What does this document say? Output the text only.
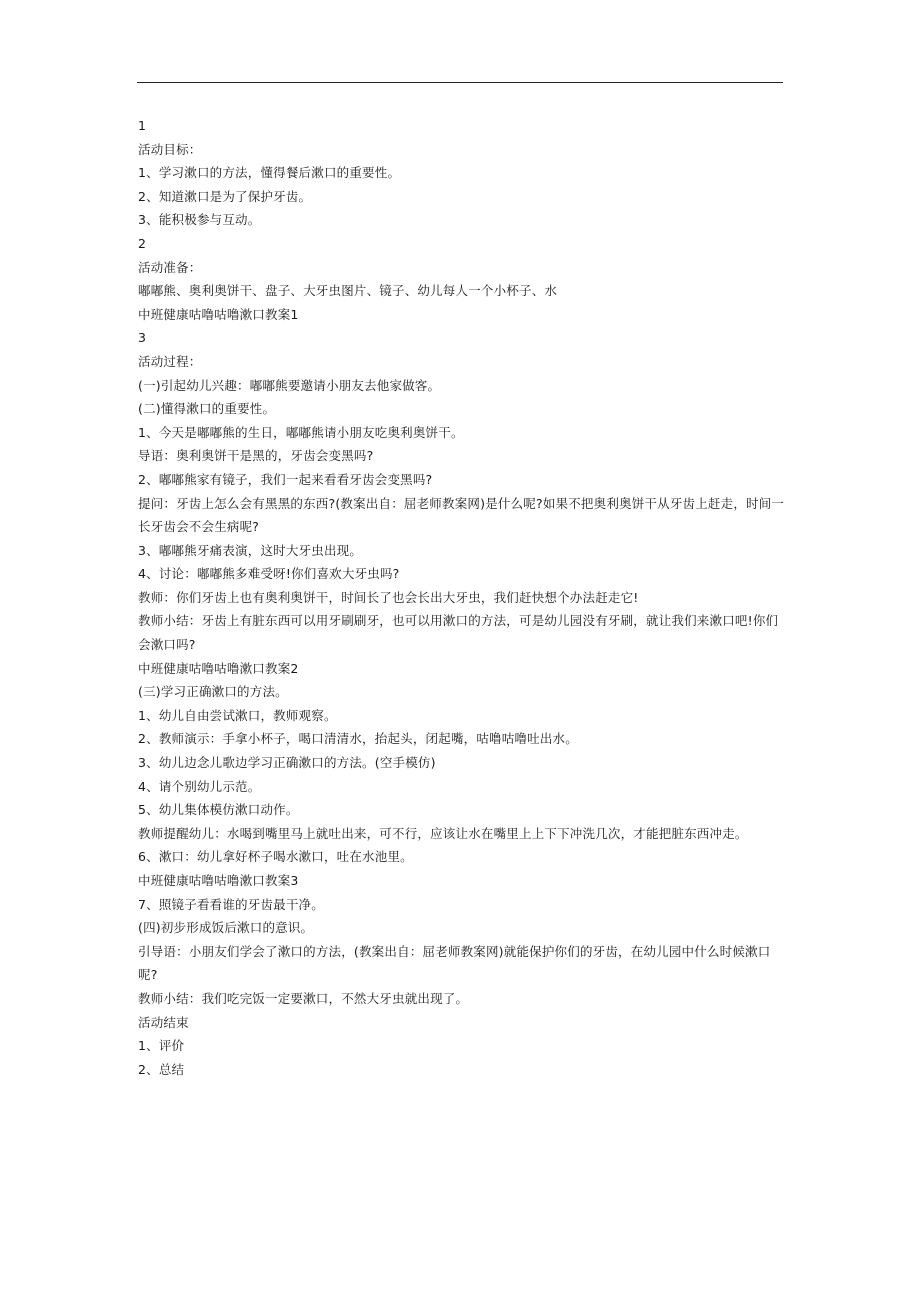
1

活动目标：

1、学习漱口的方法，懂得餐后漱口的重要性。

2、知道漱口是为了保护牙齿。

3、能积极参与互动。

2

活动准备：

嘟嘟熊、奥利奥饼干、盘子、大牙虫图片、镜子、幼儿每人一个小杯子、水

中班健康咕噜咕噜漱口教案1

3

活动过程：

(一)引起幼儿兴趣：嘟嘟熊要邀请小朋友去他家做客。

(二)懂得漱口的重要性。

1、今天是嘟嘟熊的生日，嘟嘟熊请小朋友吃奥利奥饼干。

导语：奥利奥饼干是黑的，牙齿会变黑吗?

2、嘟嘟熊家有镜子，我们一起来看看牙齿会变黑吗?

提问：牙齿上怎么会有黑黑的东西?(教案出自：屈老师教案网)是什么呢?如果不把奥利奥饼干从牙齿上赶走，时间一长牙齿会不会生病呢?

3、嘟嘟熊牙痛表演，这时大牙虫出现。

4、讨论：嘟嘟熊多难受呀!你们喜欢大牙虫吗?

教师：你们牙齿上也有奥利奥饼干，时间长了也会长出大牙虫，我们赶快想个办法赶走它!

教师小结：牙齿上有脏东西可以用牙刷刷牙，也可以用漱口的方法，可是幼儿园没有牙刷，就让我们来漱口吧!你们会漱口吗?

中班健康咕噜咕噜漱口教案2

(三)学习正确漱口的方法。

1、幼儿自由尝试漱口，教师观察。

2、教师演示：手拿小杯子，喝口清清水，抬起头，闭起嘴，咕噜咕噜吐出水。

3、幼儿边念儿歌边学习正确漱口的方法。(空手模仿)

4、请个别幼儿示范。

5、幼儿集体模仿漱口动作。

教师提醒幼儿：水喝到嘴里马上就吐出来，可不行，应该让水在嘴里上上下下冲洗几次，才能把脏东西冲走。

6、漱口：幼儿拿好杯子喝水漱口，吐在水池里。

中班健康咕噜咕噜漱口教案3

7、照镜子看看谁的牙齿最干净。

(四)初步形成饭后漱口的意识。

引导语：小朋友们学会了漱口的方法，(教案出自：屈老师教案网)就能保护你们的牙齿，在幼儿园中什么时候漱口呢?

教师小结：我们吃完饭一定要漱口，不然大牙虫就出现了。

活动结束

1、评价

2、总结
